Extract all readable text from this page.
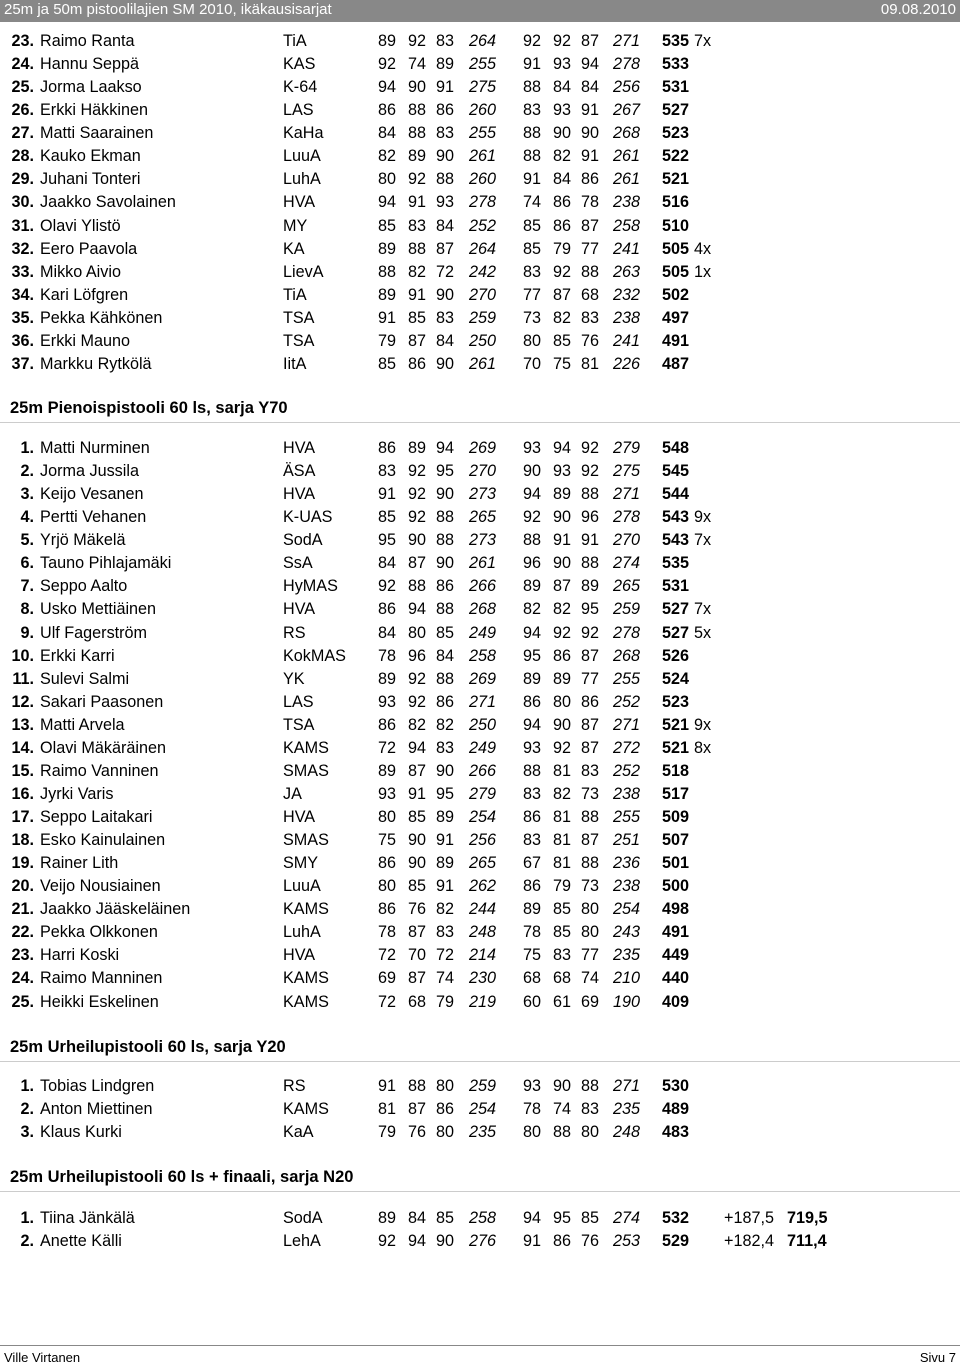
25m ja 50m pistoolilajien SM 2010, ikäkausisarjat	09.08.2010
23. Raimo Ranta	TiA	89 92 83 264 92 92 87 271 535 7x
24. Hannu Seppä	KAS	92 74 89 255 91 93 94 278 533
25. Jorma Laakso	K-64	94 90 91 275 88 84 84 256 531
26. Erkki Häkkinen	LAS	86 88 86 260 83 93 91 267 527
27. Matti Saarainen	KaHa	84 88 83 255 88 90 90 268 523
28. Kauko Ekman	LuuA	82 89 90 261 88 82 91 261 522
29. Juhani Tonteri	LuhA	80 92 88 260 91 84 86 261 521
30. Jaakko Savolainen	HVA	94 91 93 278 74 86 78 238 516
31. Olavi Ylistö	MY	85 83 84 252 85 86 87 258 510
32. Eero Paavola	KA	89 88 87 264 85 79 77 241 505 4x
33. Mikko Aivio	LievA	88 82 72 242 83 92 88 263 505 1x
34. Kari Löfgren	TiA	89 91 90 270 77 87 68 232 502
35. Pekka Kähkönen	TSA	91 85 83 259 73 82 83 238 497
36. Erkki Mauno	TSA	79 87 84 250 80 85 76 241 491
37. Markku Rytkölä	IitA	85 86 90 261 70 75 81 226 487
25m Pienoispistooli 60 ls, sarja Y70
1. Matti Nurminen	HVA	86 89 94 269 93 94 92 279 548
2. Jorma Jussila	ÄSA	83 92 95 270 90 93 92 275 545
3. Keijo Vesanen	HVA	91 92 90 273 94 89 88 271 544
4. Pertti Vehanen	K-UAS	85 92 88 265 92 90 96 278 543 9x
5. Yrjö Mäkelä	SodA	95 90 88 273 88 91 91 270 543 7x
6. Tauno Pihlajamäki	SsA	84 87 90 261 96 90 88 274 535
7. Seppo Aalto	HyMAS 92 88 86 266 89 87 89 265 531
8. Usko Mettiäinen	HVA	86 94 88 268 82 82 95 259 527 7x
9. Ulf Fagerström	RS	84 80 85 249 94 92 92 278 527 5x
10. Erkki Karri	KokMAS 78 96 84 258 95 86 87 268 526
11. Sulevi Salmi	YK	89 92 88 269 89 89 77 255 524
12. Sakari Paasonen	LAS	93 92 86 271 86 80 86 252 523
13. Matti Arvela	TSA	86 82 82 250 94 90 87 271 521 9x
14. Olavi Mäkäräinen	KAMS	72 94 83 249 93 92 87 272 521 8x
15. Raimo Vanninen	SMAS	89 87 90 266 88 81 83 252 518
16. Jyrki Varis	JA	93 91 95 279 83 82 73 238 517
17. Seppo Laitakari	HVA	80 85 89 254 86 81 88 255 509
18. Esko Kainulainen	SMAS	75 90 91 256 83 81 87 251 507
19. Rainer Lith	SMY	86 90 89 265 67 81 88 236 501
20. Veijo Nousiainen	LuuA	80 85 91 262 86 79 73 238 500
21. Jaakko Jääskeläinen	KAMS	86 76 82 244 89 85 80 254 498
22. Pekka Olkkonen	LuhA	78 87 83 248 78 85 80 243 491
23. Harri Koski	HVA	72 70 72 214 75 83 77 235 449
24. Raimo Manninen	KAMS	69 87 74 230 68 68 74 210 440
25. Heikki Eskelinen	KAMS	72 68 79 219 60 61 69 190 409
25m Urheilupistooli 60 ls, sarja Y20
1. Tobias Lindgren	RS	91 88 80 259 93 90 88 271 530
2. Anton Miettinen	KAMS	81 87 86 254 78 74 83 235 489
3. Klaus Kurki	KaA	79 76 80 235 80 88 80 248 483
25m Urheilupistooli 60 ls + finaali, sarja N20
1. Tiina Jänkälä	SodA	89 84 85 258 94 95 85 274 532 +187,5 719,5
2. Anette Källi	LehA	92 94 90 276 91 86 76 253 529 +182,4 711,4
Ville Virtanen	Sivu 7
